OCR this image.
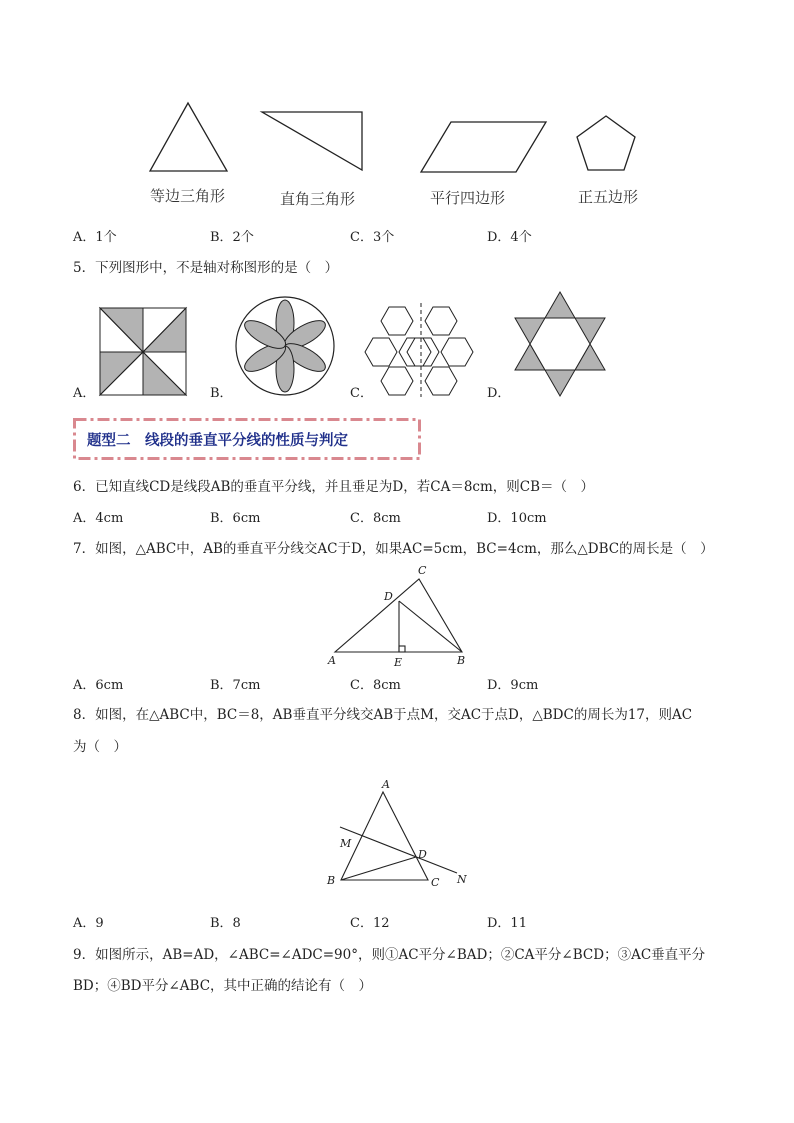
等边三角形	直角三角形	平行四边形	正五边形
A．1个	B．2个	C．3个	D．4个
5．下列图形中，不是轴对称图形的是（　）
A．	B．	C．	D．
题型二　线段的垂直平分线的性质与判定
6．已知直线CD是线段AB的垂直平分线，并且垂足为D，若CA＝8cm，则CB＝（　）
A．4cm	B．6cm	C．8cm	D．10cm
7．如图，△ABC中，AB的垂直平分线交AC于D，如果AC=5cm，BC=4cm，那么△DBC的周长是（　）
C
D
A	E	B
A．6cm	B．7cm	C．8cm	D．9cm
8．如图，在△ABC中，BC＝8，AB垂直平分线交AB于点M，交AC于点D，△BDC的周长为17，则AC
为（　）
A
M
D
B	C N
A．9	B．8	C．12	D．11
9．如图所示，AB=AD，∠ABC=∠ADC=90°，则①AC平分∠BAD；②CA平分∠BCD；③AC垂直平分
BD；④BD平分∠ABC，其中正确的结论有（　）
